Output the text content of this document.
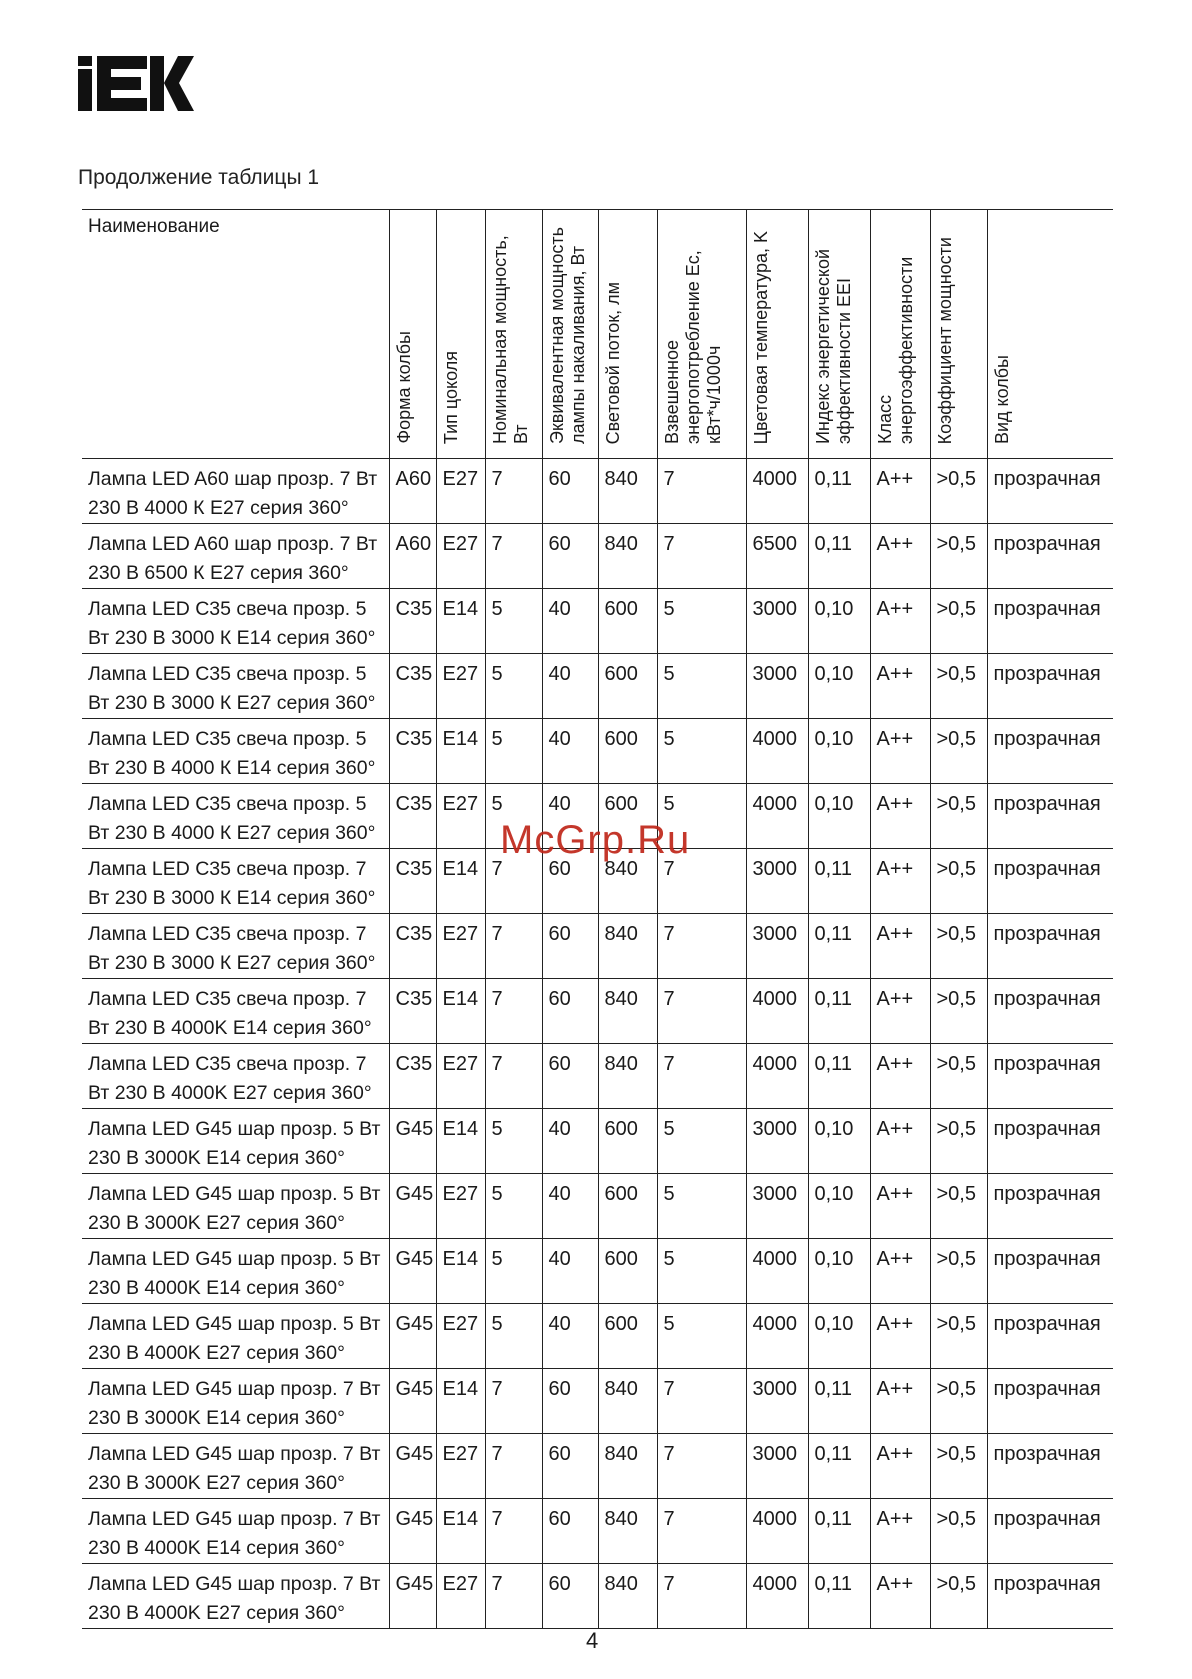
Продолжение таблицы 1
Наименование	Форма колбы	Тип цоколя	Номинальная мощность, Вт	Эквивалентная мощность лампы накаливания, Вт	Световой поток, лм	Взвешенное энергопотребление Ec, кВт*ч/1000ч	Цветовая температура, K	Индекс энергетической эффективности EEI	Класс энергоэффективности	Коэффициент мощности	Вид колбы

Лампа LED A60 шар прозр. 7 Вт 230 В 4000 К E27 серия 360°	A60	E27	7	60	840	7	4000	0,11	A++	>0,5	прозрачная
Лампа LED A60 шар прозр. 7 Вт 230 В 6500 К E27 серия 360°	A60	E27	7	60	840	7	6500	0,11	A++	>0,5	прозрачная
Лампа LED C35 свеча прозр. 5 Вт 230 В 3000 К E14 серия 360°	C35	E14	5	40	600	5	3000	0,10	A++	>0,5	прозрачная
Лампа LED C35 свеча прозр. 5 Вт 230 В 3000 К E27 серия 360°	C35	E27	5	40	600	5	3000	0,10	A++	>0,5	прозрачная
Лампа LED C35 свеча прозр. 5 Вт 230 В 4000 К E14 серия 360°	C35	E14	5	40	600	5	4000	0,10	A++	>0,5	прозрачная
Лампа LED C35 свеча прозр. 5 Вт 230 В 4000 К E27 серия 360°	C35	E27	5	40	600	5	4000	0,10	A++	>0,5	прозрачная
Лампа LED C35 свеча прозр. 7 Вт 230 В 3000 К E14 серия 360°	C35	E14	7	60	840	7	3000	0,11	A++	>0,5	прозрачная
Лампа LED C35 свеча прозр. 7 Вт 230 В 3000 К E27 серия 360°	C35	E27	7	60	840	7	3000	0,11	A++	>0,5	прозрачная
Лампа LED C35 свеча прозр. 7 Вт 230 В 4000K E14 серия 360°	C35	E14	7	60	840	7	4000	0,11	A++	>0,5	прозрачная
Лампа LED C35 свеча прозр. 7 Вт 230 В 4000K E27 серия 360°	C35	E27	7	60	840	7	4000	0,11	A++	>0,5	прозрачная
Лампа LED G45 шар прозр. 5 Вт 230 В 3000K E14 серия 360°	G45	E14	5	40	600	5	3000	0,10	A++	>0,5	прозрачная
Лампа LED G45 шар прозр. 5 Вт 230 В 3000K E27 серия 360°	G45	E27	5	40	600	5	3000	0,10	A++	>0,5	прозрачная
Лампа LED G45 шар прозр. 5 Вт 230 В 4000K E14 серия 360°	G45	E14	5	40	600	5	4000	0,10	A++	>0,5	прозрачная
Лампа LED G45 шар прозр. 5 Вт 230 В 4000K E27 серия 360°	G45	E27	5	40	600	5	4000	0,10	A++	>0,5	прозрачная
Лампа LED G45 шар прозр. 7 Вт 230 В 3000K E14 серия 360°	G45	E14	7	60	840	7	3000	0,11	A++	>0,5	прозрачная
Лампа LED G45 шар прозр. 7 Вт 230 В 3000K E27 серия 360°	G45	E27	7	60	840	7	3000	0,11	A++	>0,5	прозрачная
Лампа LED G45 шар прозр. 7 Вт 230 В 4000K E14 серия 360°	G45	E14	7	60	840	7	4000	0,11	A++	>0,5	прозрачная
Лампа LED G45 шар прозр. 7 Вт 230 В 4000K E27 серия 360°	G45	E27	7	60	840	7	4000	0,11	A++	>0,5	прозрачная
McGrp.Ru
4
